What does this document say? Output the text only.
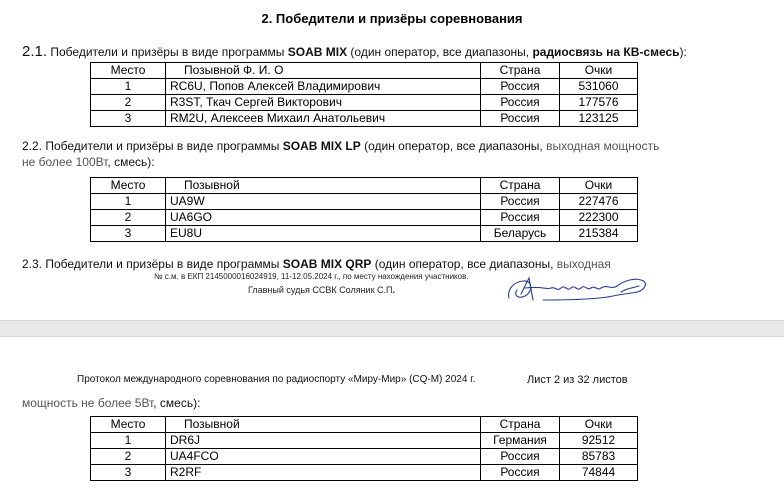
2. Победители и призёры соревнования
2.1. Победители и призёры в виде программы SOAB MIX (один оператор, все диапазоны, радиосвязь на КВ-смесь):
Место	Позывной Ф. И. О	Страна	Очки
1	RC6U, Попов Алексей Владимирович	Россия	531060
2	R3ST, Ткач Сергей Викторович	Россия	177576
3	RM2U, Алексеев Михаил Анатольевич	Россия	123125
2.2. Победители и призёры в виде программы SOAB MIX LP (один оператор, все диапазоны, выходная мощность
не более 100Вт, смесь):
Место	Позывной	Страна	Очки
1	UA9W	Россия	227476
2	UA6GO	Россия	222300
3	EU8U	Беларусь	215384
2.3. Победители и призёры в виде программы SOAB MIX QRP (один оператор, все диапазоны, выходная
№ с.м. в ЕКП 2145000016024919, 11-12.05.2024 г., по месту нахождения участников.
Главный судья ССВК Соляник С.П.
Протокол международного соревнования по радиоспорту «Миру-Мир» (CQ-M) 2024 г.	Лист 2 из 32 листов
мощность не более 5Вт, смесь):
Место	Позывной	Страна	Очки
1	DR6J	Германия	92512
2	UA4FCO	Россия	85783
3	R2RF	Россия	74844
